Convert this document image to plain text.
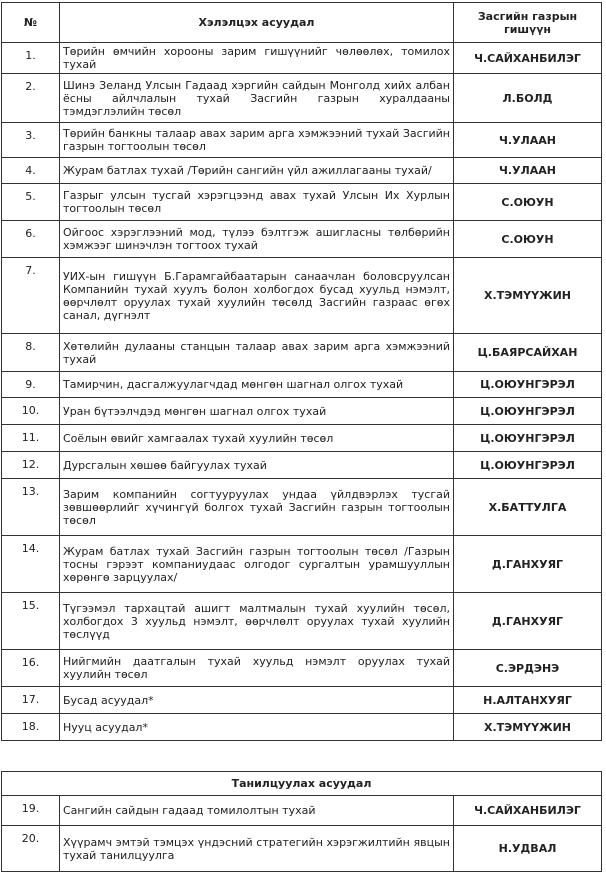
№	Хэлэлцэх асуудал	Засгийн газрын гишүүн
1.	Төрийн өмчийн хорооны зарим гишүүнийг чөлөөлөх, томилох тухай	Ч.САЙХАНБИЛЭГ
2.	Шинэ Зеланд Улсын Гадаад хэргийн сайдын Монголд хийх албан ёсны айлчлалын тухай Засгийн газрын хуралдааны тэмдэглэлийн төсөл	Л.БОЛД
3.	Төрийн банкны талаар авах зарим арга хэмжээний тухай Засгийн газрын тогтоолын төсөл	Ч.УЛААН
4.	Журам батлах тухай /Төрийн сангийн үйл ажиллагааны тухай/	Ч.УЛААН
5.	Газрыг улсын тусгай хэрэгцээнд авах тухай Улсын Их Хурлын тогтоолын төсөл	С.ОЮУН
6.	Ойгоос хэрэглээний мод, түлээ бэлтгэж ашигласны төлбөрийн хэмжээг шинэчлэн тогтоох тухай	С.ОЮУН
7.	УИХ-ын гишүүн Б.Гарамгайбаатарын санаачлан боловсруулсан Компанийн тухай хуулъ болон холбогдох бусад хуульд нэмэлт, өөрчлөлт оруулах тухай хуулийн төсөлд Засгийн газраас өгөх санал, дүгнэлт	Х.ТЭМҮҮЖИН
8.	Хөтөлийн дулааны станцын талаар авах зарим арга хэмжээний тухай	Ц.БАЯРСАЙХАН
9.	Тамирчин, дасгалжуулагчдад мөнгөн шагнал олгох тухай	Ц.ОЮУНГЭРЭЛ
10.	Уран бүтээлчдэд мөнгөн шагнал олгох тухай	Ц.ОЮУНГЭРЭЛ
11.	Соёлын өвийг хамгаалах тухай хуулийн төсөл	Ц.ОЮУНГЭРЭЛ
12.	Дурсгалын хөшөө байгуулах тухай	Ц.ОЮУНГЭРЭЛ
13.	Зарим компанийн согтууруулах ундаа үйлдвэрлэх тусгай зөвшөөрлийг хүчингүй болгох тухай Засгийн газрын тогтоолын төсөл	Х.БАТТУЛГА
14.	Журам батлах тухай Засгийн газрын тогтоолын төсөл /Газрын тосны гэрээт компаниудаас олгодог сургалтын урамшууллын хөрөнгө зарцуулах/	Д.ГАНХУЯГ
15.	Түгээмэл тархацтай ашигт малтмалын тухай хуулийн төсөл, холбогдох 3 хуульд нэмэлт, өөрчлөлт оруулах тухай хуулийн төслүүд	Д.ГАНХУЯГ
16.	Нийгмийн даатгалын тухай хуульд нэмэлт оруулах тухай хуулийн төсөл	С.ЭРДЭНЭ
17.	Бусад асуудал*	Н.АЛТАНХУЯГ
18.	Нууц асуудал*	Х.ТЭМҮҮЖИН
Танилцуулах асуудал		
19.	Сангийн сайдын гадаад томилолтын тухай	Ч.САЙХАНБИЛЭГ
20.	Хүүрамч эмтэй тэмцэх үндэсний стратегийн хэрэгжилтийн явцын тухай танилцуулга	Н.УДВАЛ
